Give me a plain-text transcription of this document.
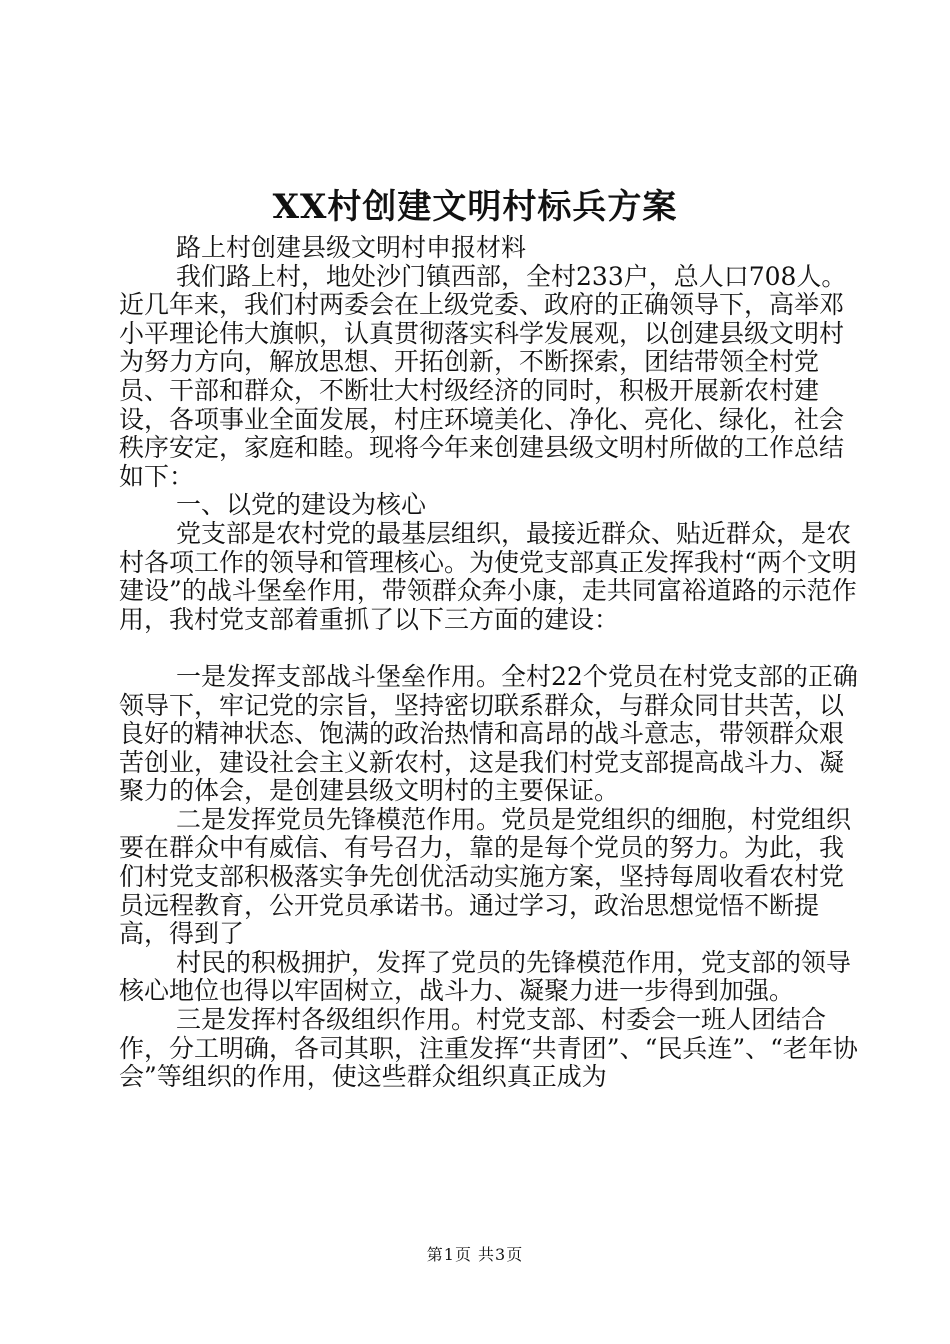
XX村创建文明村标兵方案

路上村创建县级文明村申报材料

我们路上村，地处沙门镇西部，全村233户，总人口708人。近几年来，我们村两委会在上级党委、政府的正确领导下，高举邓小平理论伟大旗帜，认真贯彻落实科学发展观，以创建县级文明村为努力方向，解放思想、开拓创新，不断探索，团结带领全村党员、干部和群众，不断壮大村级经济的同时，积极开展新农村建设，各项事业全面发展，村庄环境美化、净化、亮化、绿化，社会秩序安定，家庭和睦。现将今年来创建县级文明村所做的工作总结如下：

一、以党的建设为核心

党支部是农村党的最基层组织，最接近群众、贴近群众，是农村各项工作的领导和管理核心。为使党支部真正发挥我村“两个文明建设”的战斗堡垒作用，带领群众奔小康，走共同富裕道路的示范作用，我村党支部着重抓了以下三方面的建设：

一是发挥支部战斗堡垒作用。全村22个党员在村党支部的正确领导下，牢记党的宗旨，坚持密切联系群众，与群众同甘共苦，以良好的精神状态、饱满的政治热情和高昂的战斗意志，带领群众艰苦创业，建设社会主义新农村，这是我们村党支部提高战斗力、凝聚力的体会，是创建县级文明村的主要保证。

二是发挥党员先锋模范作用。党员是党组织的细胞，村党组织要在群众中有威信、有号召力，靠的是每个党员的努力。为此，我们村党支部积极落实争先创优活动实施方案，坚持每周收看农村党员远程教育，公开党员承诺书。通过学习，政治思想觉悟不断提高，得到了

村民的积极拥护，发挥了党员的先锋模范作用，党支部的领导核心地位也得以牢固树立，战斗力、凝聚力进一步得到加强。

三是发挥村各级组织作用。村党支部、村委会一班人团结合作，分工明确，各司其职，注重发挥“共青团”、“民兵连”、“老年协会”等组织的作用，使这些群众组织真正成为

第1页 共3页
